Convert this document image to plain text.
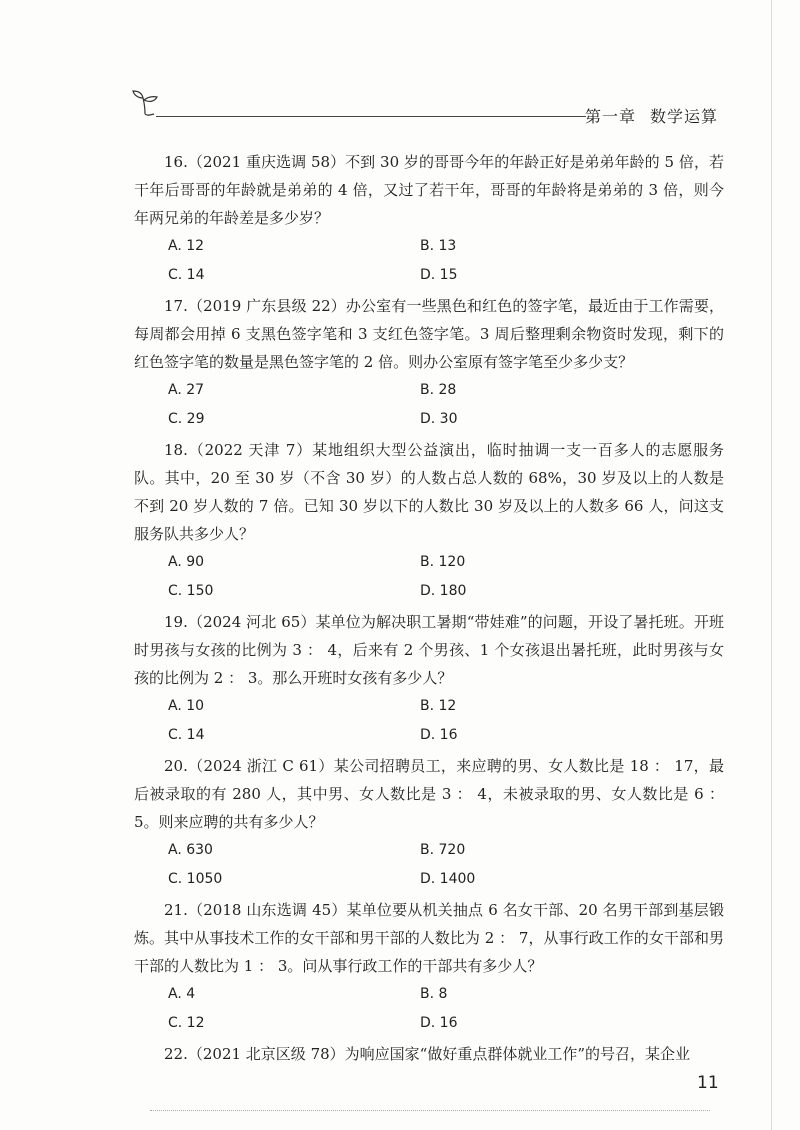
第一章 数学运算

16.（2021 重庆选调 58）不到 30 岁的哥哥今年的年龄正好是弟弟年龄的 5 倍，若干年后哥哥的年龄就是弟弟的 4 倍，又过了若干年，哥哥的年龄将是弟弟的 3 倍，则今年两兄弟的年龄差是多少岁？

A. 12	B. 13
C. 14	D. 15

17.（2019 广东县级 22）办公室有一些黑色和红色的签字笔，最近由于工作需要，每周都会用掉 6 支黑色签字笔和 3 支红色签字笔。3 周后整理剩余物资时发现，剩下的红色签字笔的数量是黑色签字笔的 2 倍。则办公室原有签字笔至少多少支？

A. 27	B. 28
C. 29	D. 30

18.（2022 天津 7）某地组织大型公益演出，临时抽调一支一百多人的志愿服务队。其中，20 至 30 岁（不含 30 岁）的人数占总人数的 68%，30 岁及以上的人数是不到 20 岁人数的 7 倍。已知 30 岁以下的人数比 30 岁及以上的人数多 66 人，问这支服务队共多少人？

A. 90	B. 120
C. 150	D. 180

19.（2024 河北 65）某单位为解决职工暑期“带娃难”的问题，开设了暑托班。开班时男孩与女孩的比例为 3 ： 4，后来有 2 个男孩、1 个女孩退出暑托班，此时男孩与女孩的比例为 2 ： 3。那么开班时女孩有多少人？

A. 10	B. 12
C. 14	D. 16

20.（2024 浙江 C 61）某公司招聘员工，来应聘的男、女人数比是 18 ： 17，最后被录取的有 280 人，其中男、女人数比是 3 ： 4，未被录取的男、女人数比是 6 ： 5。则来应聘的共有多少人？

A. 630	B. 720
C. 1050	D. 1400

21.（2018 山东选调 45）某单位要从机关抽点 6 名女干部、20 名男干部到基层锻炼。其中从事技术工作的女干部和男干部的人数比为 2 ： 7，从事行政工作的女干部和男干部的人数比为 1 ： 3。问从事行政工作的干部共有多少人？

A. 4	B. 8
C. 12	D. 16

22.（2021 北京区级 78）为响应国家“做好重点群体就业工作”的号召，某企业

11
